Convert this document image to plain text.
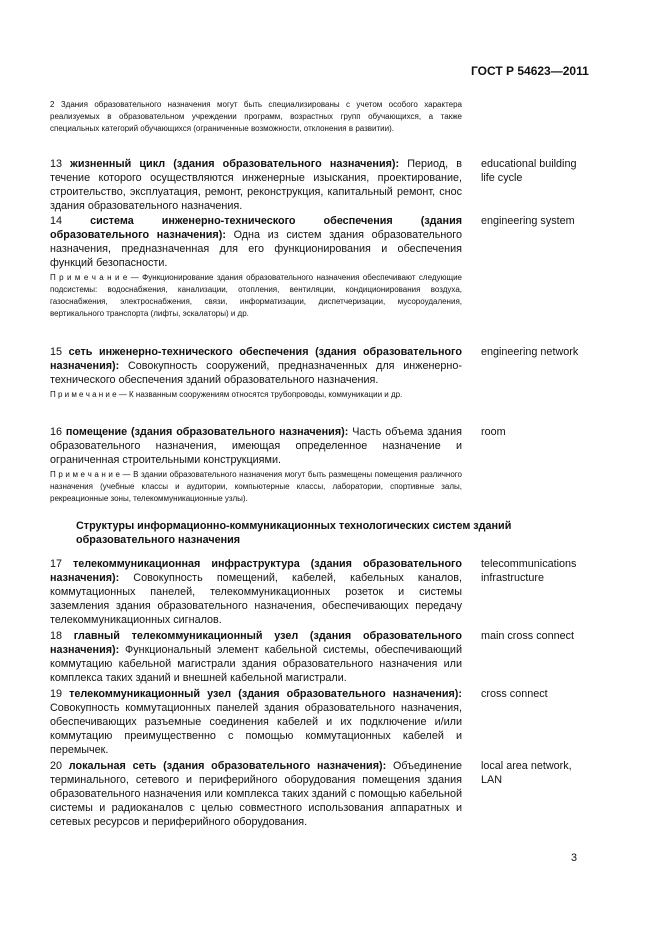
ГОСТ Р 54623—2011

2 Здания образовательного назначения могут быть специализированы с учетом особого характера реализуемых в образовательном учреждении программ, возрастных групп обучающихся, а также специальных категорий обучающихся (ограниченные возможности, отклонения в развитии).

13 жизненный цикл (здания образовательного назначения): Период, в течение которого осуществляются инженерные изыскания, проектирование, строительство, эксплуатация, ремонт, реконструкция, капитальный ремонт, снос здания образовательного назначения.

educational building life cycle

14	система инженерно-технического обеспечения (здания образовательного назначения): Одна из систем здания образовательного назначения, предназначенная для его функционирования и обеспечения функций безопасности.

engineering system

П р и м е ч а н и е — Функционирование здания образовательного назначения обеспечивают следующие подсистемы: водоснабжения, канализации, отопления, вентиляции, кондиционирования воздуха, газоснабжения, электроснабжения, связи, информатизации, диспетчеризации, мусороудаления, вертикального транспорта (лифты, эскалаторы) и др.

15 сеть инженерно-технического обеспечения (здания образовательного назначения): Совокупность сооружений, предназначенных для инженерно-технического обеспечения зданий образовательного назначения.

engineering network

П р и м е ч а н и е — К названным сооружениям относятся трубопроводы, коммуникации и др.

16 помещение (здания образовательного назначения): Часть объема здания образовательного назначения, имеющая определенное назначение и ограниченная строительными конструкциями.

room

П р и м е ч а н и е — В здании образовательного назначения могут быть размещены помещения различного назначения (учебные классы и аудитории, компьютерные классы, лаборатории, спортивные залы, рекреационные зоны, телекоммуникационные узлы).

Структуры информационно-коммуникационных технологических систем зданий образовательного назначения

17 телекоммуникационная инфраструктура (здания образовательного назначения): Совокупность помещений, кабелей, кабельных каналов, коммутационных панелей, телекоммуникационных розеток и системы заземления здания образовательного назначения, обеспечивающих передачу телекоммуникационных сигналов.

telecommunications infrastructure

18 главный телекоммуникационный узел (здания образовательного назначения): Функциональный элемент кабельной системы, обеспечивающий коммутацию кабельной магистрали здания образовательного назначения или комплекса таких зданий и внешней кабельной магистрали.

main cross connect

19 телекоммуникационный узел (здания образовательного назначения): Совокупность коммутационных панелей здания образовательного назначения, обеспечивающих разъемные соединения кабелей и их подключение и/или коммутацию преимущественно с помощью коммутационных кабелей и перемычек.

cross connect

20 локальная сеть (здания образовательного назначения): Объединение терминального, сетевого и периферийного оборудования помещения здания образовательного назначения или комплекса таких зданий с помощью кабельной системы и радиоканалов с целью совместного использования аппаратных и сетевых ресурсов и периферийного оборудования.

local area network, LAN

3
